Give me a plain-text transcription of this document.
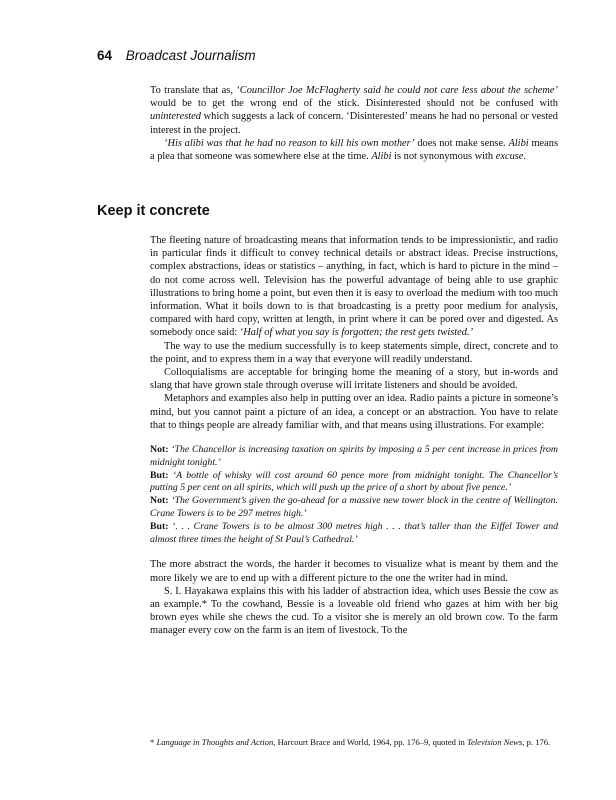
64 Broadcast Journalism

To translate that as, ‘Councillor Joe McFlagherty said he could not care less about the scheme’ would be to get the wrong end of the stick. Disinterested should not be confused with uninterested which suggests a lack of concern. ‘Disinterested’ means he had no personal or vested interest in the project.

‘His alibi was that he had no reason to kill his own mother’ does not make sense. Alibi means a plea that someone was somewhere else at the time. Alibi is not synonymous with excuse.

Keep it concrete

The fleeting nature of broadcasting means that information tends to be impressionistic, and radio in particular finds it difficult to convey technical details or abstract ideas. Precise instructions, complex abstractions, ideas or statistics – anything, in fact, which is hard to picture in the mind – do not come across well. Television has the powerful advantage of being able to use graphic illustrations to bring home a point, but even then it is easy to overload the medium with too much information. What it boils down to is that broadcasting is a pretty poor medium for analysis, compared with hard copy, written at length, in print where it can be pored over and digested. As somebody once said: ‘Half of what you say is forgotten; the rest gets twisted.’

The way to use the medium successfully is to keep statements simple, direct, concrete and to the point, and to express them in a way that everyone will readily understand.

Colloquialisms are acceptable for bringing home the meaning of a story, but in-words and slang that have grown stale through overuse will irritate listeners and should be avoided.

Metaphors and examples also help in putting over an idea. Radio paints a picture in someone’s mind, but you cannot paint a picture of an idea, a concept or an abstraction. You have to relate that to things people are already familiar with, and that means using illustrations. For example:

Not: ‘The Chancellor is increasing taxation on spirits by imposing a 5 per cent increase in prices from midnight tonight.’

But: ‘A bottle of whisky will cost around 60 pence more from midnight tonight. The Chancellor’s putting 5 per cent on all spirits, which will push up the price of a short by about five pence.’

Not: ‘The Government’s given the go-ahead for a massive new tower block in the centre of Wellington. Crane Towers is to be 297 metres high.’

But: ‘. . . Crane Towers is to be almost 300 metres high . . . that’s taller than the Eiffel Tower and almost three times the height of St Paul’s Cathedral.’

The more abstract the words, the harder it becomes to visualize what is meant by them and the more likely we are to end up with a different picture to the one the writer had in mind.

S. I. Hayakawa explains this with his ladder of abstraction idea, which uses Bessie the cow as an example.* To the cowhand, Bessie is a loveable old friend who gazes at him with her big brown eyes while she chews the cud. To a visitor she is merely an old brown cow. To the farm manager every cow on the farm is an item of livestock. To the

* Language in Thoughts and Action, Harcourt Brace and World, 1964, pp. 176–9, quoted in Television News, p. 176.
